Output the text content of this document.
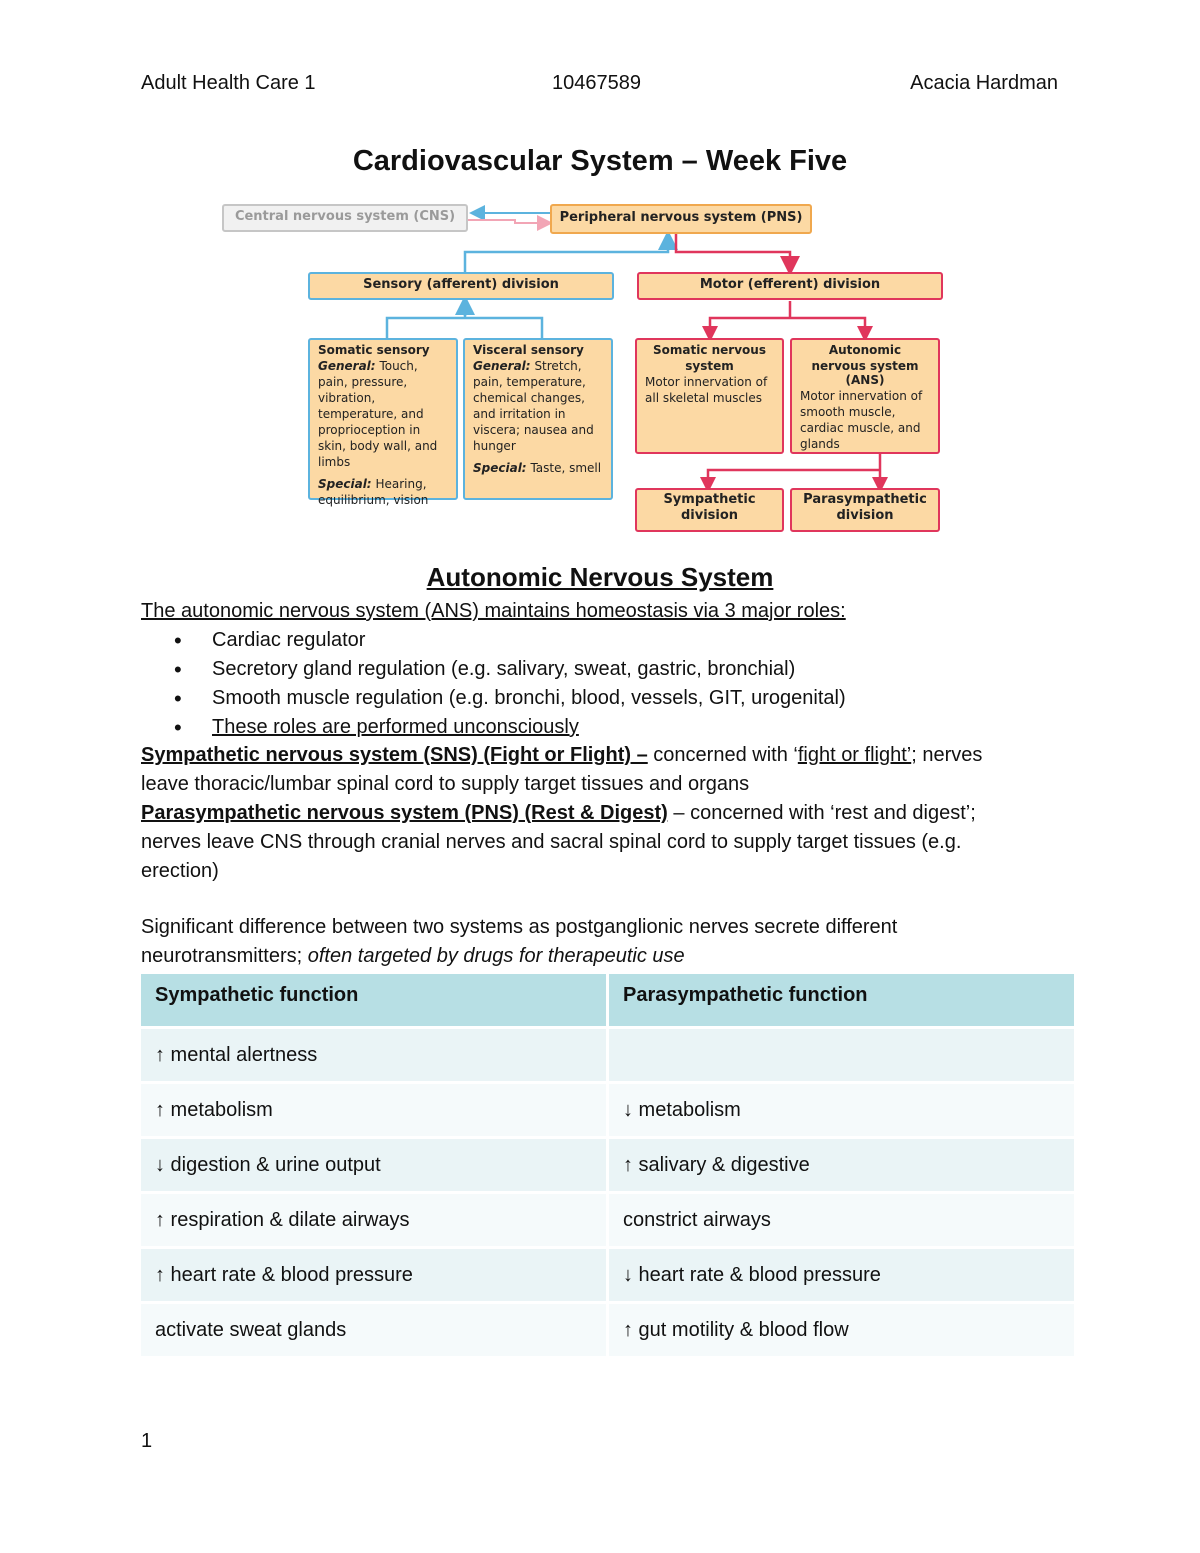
Adult Health Care 1	10467589	Acacia Hardman
Cardiovascular System – Week Five
Central nervous system (CNS)	Peripheral nervous system (PNS)
Sensory (afferent) division	Motor (efferent) division
Somatic sensory
General: Touch, pain, pressure, vibration, temperature, and proprioception in skin, body wall, and limbs
Special: Hearing, equilibrium, vision
Visceral sensory
General: Stretch, pain, temperature, chemical changes, and irritation in viscera; nausea and hunger
Special: Taste, smell
Somatic nervous system
Motor innervation of all skeletal muscles
Autonomic nervous system
(ANS)
Motor innervation of smooth muscle, cardiac muscle, and glands
Sympathetic division
Parasympathetic division
Autonomic Nervous System
The autonomic nervous system (ANS) maintains homeostasis via 3 major roles:
• Cardiac regulator
• Secretory gland regulation (e.g. salivary, sweat, gastric, bronchial)
• Smooth muscle regulation (e.g. bronchi, blood, vessels, GIT, urogenital)
• These roles are performed unconsciously
Sympathetic nervous system (SNS) (Fight or Flight) – concerned with ‘fight or flight’; nerves
leave thoracic/lumbar spinal cord to supply target tissues and organs
Parasympathetic nervous system (PNS) (Rest & Digest) – concerned with ‘rest and digest’;
nerves leave CNS through cranial nerves and sacral spinal cord to supply target tissues (e.g.
erection)
Significant difference between two systems as postganglionic nerves secrete different
neurotransmitters; often targeted by drugs for therapeutic use
Sympathetic function	Parasympathetic function
↑ mental alertness	
↑ metabolism	↓ metabolism
↓ digestion & urine output	↑ salivary & digestive
↑ respiration & dilate airways	constrict airways
↑ heart rate & blood pressure	↓ heart rate & blood pressure
activate sweat glands	↑ gut motility & blood flow
1
